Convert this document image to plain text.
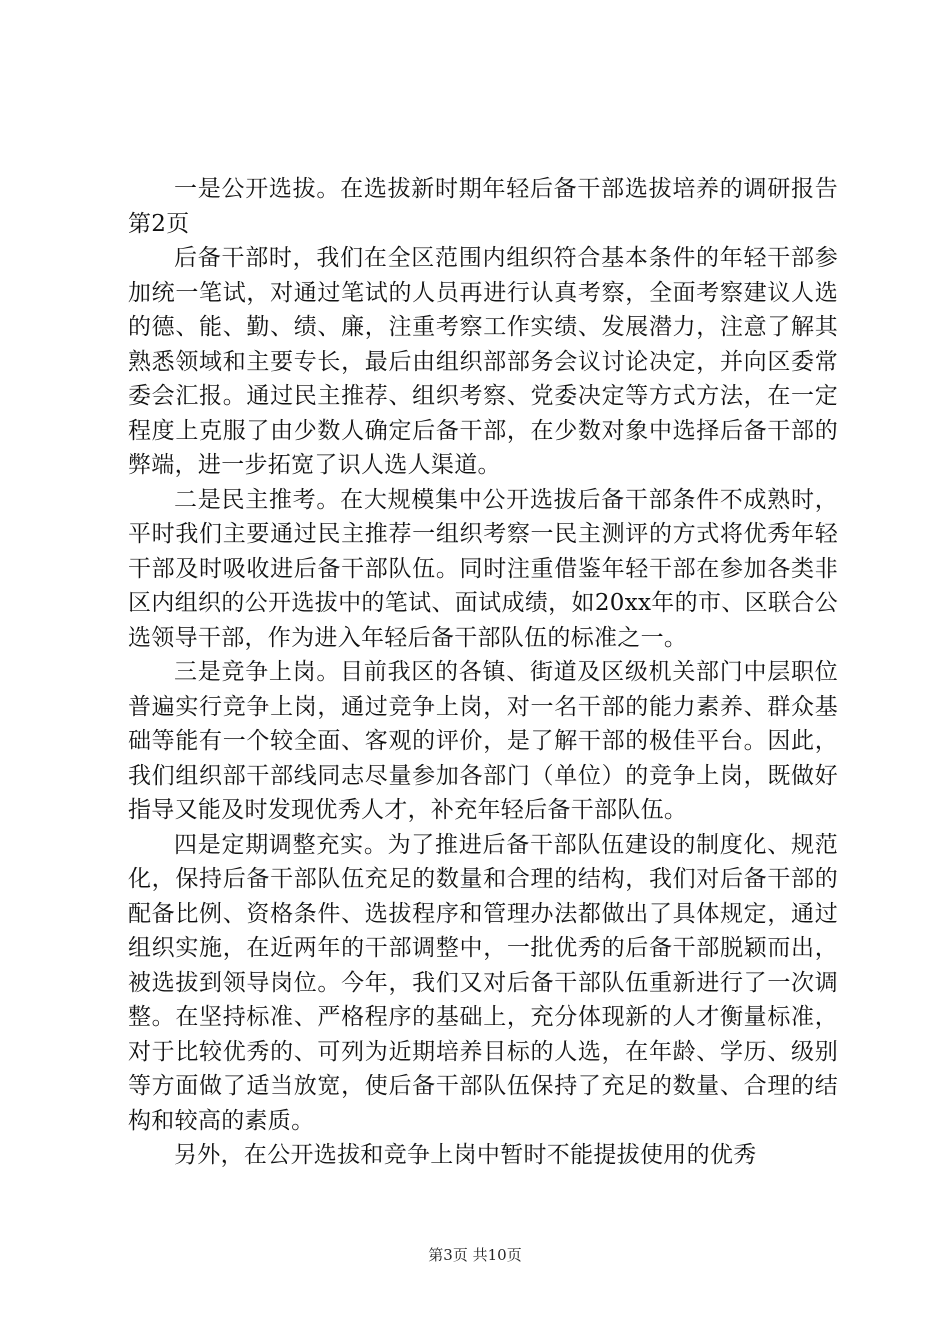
一是公开选拔。在选拔新时期年轻后备干部选拔培养的调研报告第2页

后备干部时，我们在全区范围内组织符合基本条件的年轻干部参加统一笔试，对通过笔试的人员再进行认真考察，全面考察建议人选的德、能、勤、绩、廉，注重考察工作实绩、发展潜力，注意了解其熟悉领域和主要专长，最后由组织部部务会议讨论决定，并向区委常委会汇报。通过民主推荐、组织考察、党委决定等方式方法，在一定程度上克服了由少数人确定后备干部，在少数对象中选择后备干部的弊端，进一步拓宽了识人选人渠道。

二是民主推考。在大规模集中公开选拔后备干部条件不成熟时，平时我们主要通过民主推荐一组织考察一民主测评的方式将优秀年轻干部及时吸收进后备干部队伍。同时注重借鉴年轻干部在参加各类非区内组织的公开选拔中的笔试、面试成绩，如20xx年的市、区联合公选领导干部，作为进入年轻后备干部队伍的标准之一。

三是竞争上岗。目前我区的各镇、街道及区级机关部门中层职位普遍实行竞争上岗，通过竞争上岗，对一名干部的能力素养、群众基础等能有一个较全面、客观的评价，是了解干部的极佳平台。因此，我们组织部干部线同志尽量参加各部门（单位）的竞争上岗，既做好指导又能及时发现优秀人才，补充年轻后备干部队伍。

四是定期调整充实。为了推进后备干部队伍建设的制度化、规范化，保持后备干部队伍充足的数量和合理的结构，我们对后备干部的配备比例、资格条件、选拔程序和管理办法都做出了具体规定，通过组织实施，在近两年的干部调整中，一批优秀的后备干部脱颖而出，被选拔到领导岗位。今年，我们又对后备干部队伍重新进行了一次调整。在坚持标准、严格程序的基础上，充分体现新的人才衡量标准，对于比较优秀的、可列为近期培养目标的人选，在年龄、学历、级别等方面做了适当放宽，使后备干部队伍保持了充足的数量、合理的结构和较高的素质。

另外，在公开选拔和竞争上岗中暂时不能提拔使用的优秀

第3页 共10页
